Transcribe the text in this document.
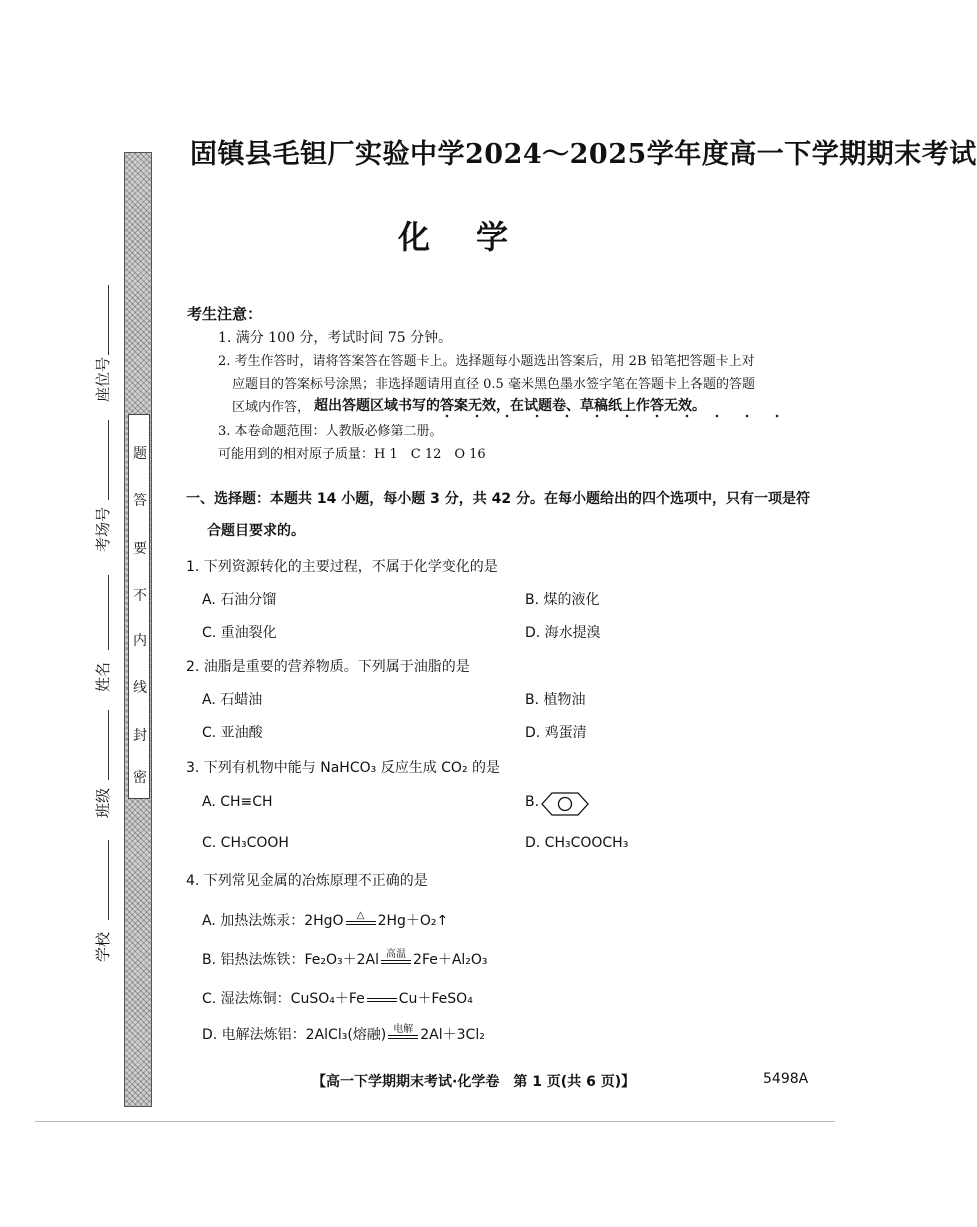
题
答
要
不
内
线
封
密
座位号
考场号
姓名
班级
学校
固镇县毛钽厂实验中学2024～2025学年度高一下学期期末考试
化学
考生注意：
1. 满分 100 分，考试时间 75 分钟。
2. 考生作答时，请将答案答在答题卡上。选择题每小题选出答案后，用 2B 铅笔把答题卡上对
应题目的答案标号涂黑；非选择题请用直径 0.5 毫米黑色墨水签字笔在答题卡上各题的答题
区域内作答， 超出答题区域书写的答案无效，在试题卷、草稿纸上作答无效。
3. 本卷命题范围：人教版必修第二册。
可能用到的相对原子质量：H 1　C 12　O 16
一、选择题：本题共 14 小题，每小题 3 分，共 42 分。在每小题给出的四个选项中，只有一项是符
合题目要求的。
1. 下列资源转化的主要过程，不属于化学变化的是
A. 石油分馏	B. 煤的液化
C. 重油裂化	D. 海水提溴
2. 油脂是重要的营养物质。下列属于油脂的是
A. 石蜡油	B. 植物油
C. 亚油酸	D. 鸡蛋清
3. 下列有机物中能与 NaHCO₃ 反应生成 CO₂ 的是
A. CH≡CH	B.
C. CH₃COOH	D. CH₃COOCH₃
4. 下列常见金属的冶炼原理不正确的是
A. 加热法炼汞：2HgO △ 2Hg＋O₂↑
B. 铝热法炼铁：Fe₂O₃＋2Al 高温 2Fe＋Al₂O₃
C. 湿法炼铜：CuSO₄＋Fe Cu＋FeSO₄
D. 电解法炼铝：2AlCl₃(熔融) 电解 2Al＋3Cl₂
【高一下学期期末考试·化学卷　第 1 页(共 6 页)】	5498A
